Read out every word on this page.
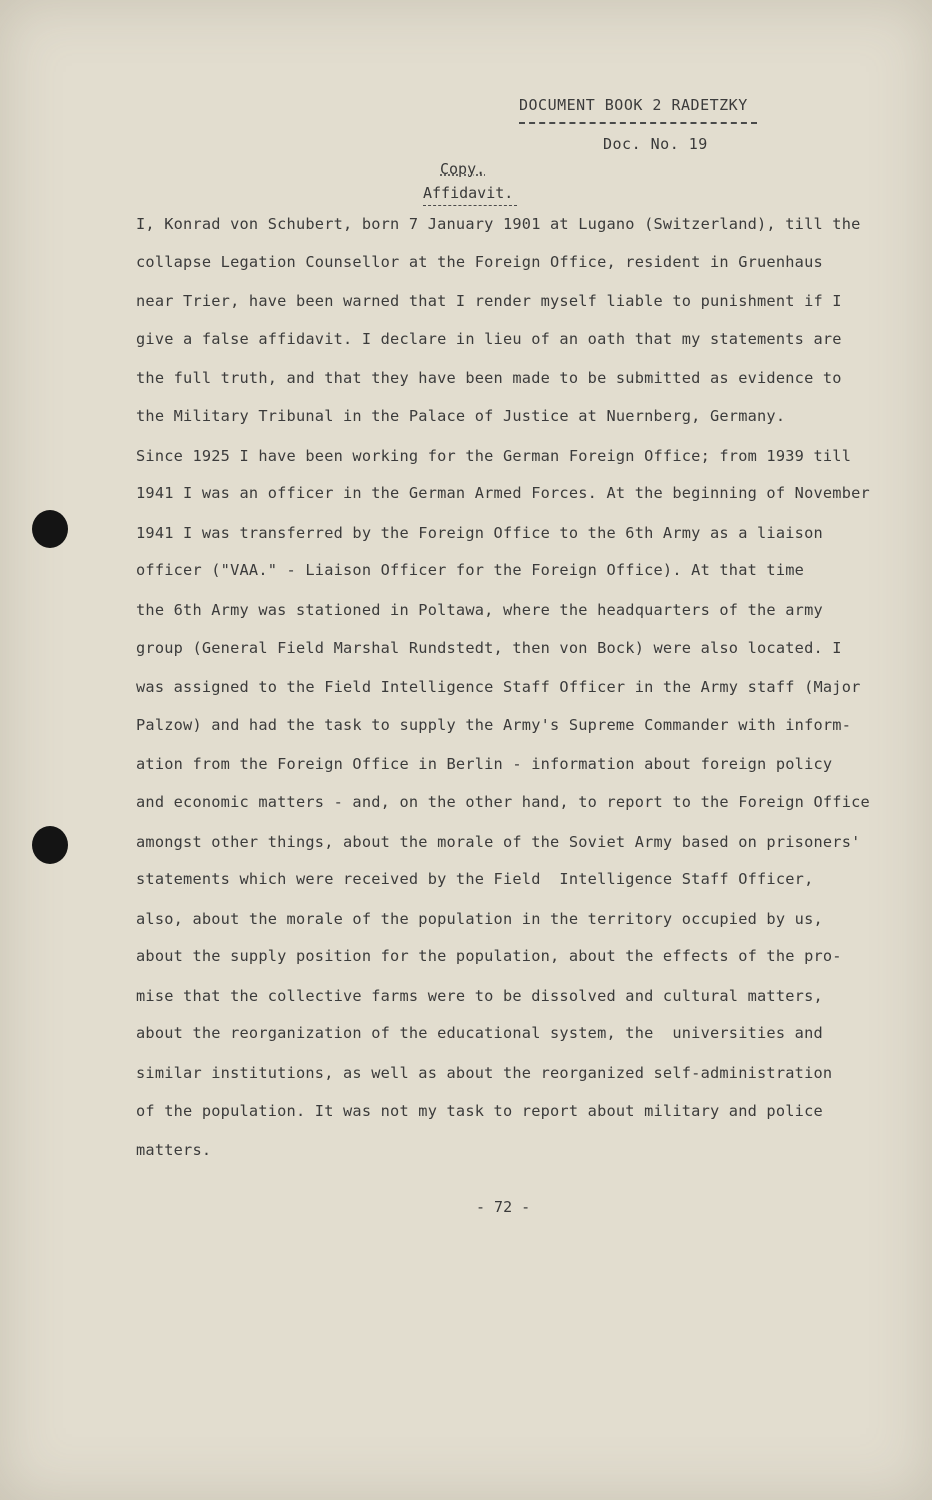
DOCUMENT BOOK 2 RADETZKY
Doc. No. 19
Copy.
Affidavit.
I, Konrad von Schubert, born 7 January 1901 at Lugano (Switzerland), till the
collapse Legation Counsellor at the Foreign Office, resident in Gruenhaus
near Trier, have been warned that I render myself liable to punishment if I
give a false affidavit. I declare in lieu of an oath that my statements are
the full truth, and that they have been made to be submitted as evidence to
the Military Tribunal in the Palace of Justice at Nuernberg, Germany.
Since 1925 I have been working for the German Foreign Office; from 1939 till
1941 I was an officer in the German Armed Forces. At the beginning of November
1941 I was transferred by the Foreign Office to the 6th Army as a liaison
officer ("VAA." - Liaison Officer for the Foreign Office). At that time
the 6th Army was stationed in Poltawa, where the headquarters of the army
group (General Field Marshal Rundstedt, then von Bock) were also located. I
was assigned to the Field Intelligence Staff Officer in the Army staff (Major
Palzow) and had the task to supply the Army's Supreme Commander with inform-
ation from the Foreign Office in Berlin - information about foreign policy
and economic matters - and, on the other hand, to report to the Foreign Office
amongst other things, about the morale of the Soviet Army based on prisoners'
statements which were received by the Field  Intelligence Staff Officer,
also, about the morale of the population in the territory occupied by us,
about the supply position for the population, about the effects of the pro-
mise that the collective farms were to be dissolved and cultural matters,
about the reorganization of the educational system, the  universities and
similar institutions, as well as about the reorganized self-administration
of the population. It was not my task to report about military and police
matters.
- 72 -
